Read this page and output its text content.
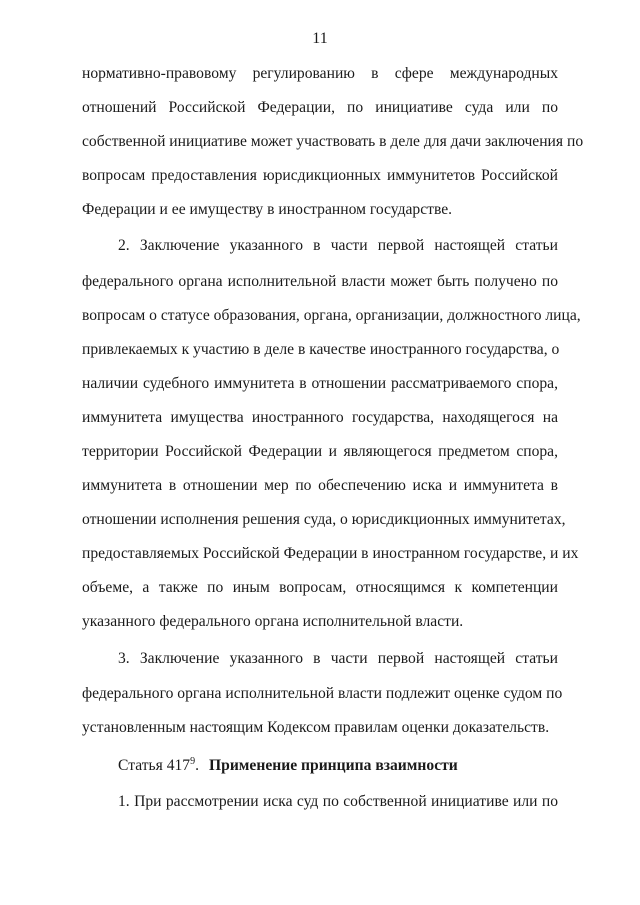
11
нормативно-правовому регулированию в сфере международных
отношений Российской Федерации, по инициативе суда или по
собственной инициативе может участвовать в деле для дачи заключения по
вопросам предоставления юрисдикционных иммунитетов Российской
Федерации и ее имуществу в иностранном государстве.
2. Заключение указанного в части первой настоящей статьи
федерального органа исполнительной власти может быть получено по
вопросам о статусе образования, органа, организации, должностного лица,
привлекаемых к участию в деле в качестве иностранного государства, о
наличии судебного иммунитета в отношении рассматриваемого спора,
иммунитета имущества иностранного государства, находящегося на
территории Российской Федерации и являющегося предметом спора,
иммунитета в отношении мер по обеспечению иска и иммунитета в
отношении исполнения решения суда, о юрисдикционных иммунитетах,
предоставляемых Российской Федерации в иностранном государстве, и их
объеме, а также по иным вопросам, относящимся к компетенции
указанного федерального органа исполнительной власти.
3. Заключение указанного в части первой настоящей статьи
федерального органа исполнительной власти подлежит оценке судом по
установленным настоящим Кодексом правилам оценки доказательств.
Статья $417^9$. Применение принципа взаимности
1. При рассмотрении иска суд по собственной инициативе или по
